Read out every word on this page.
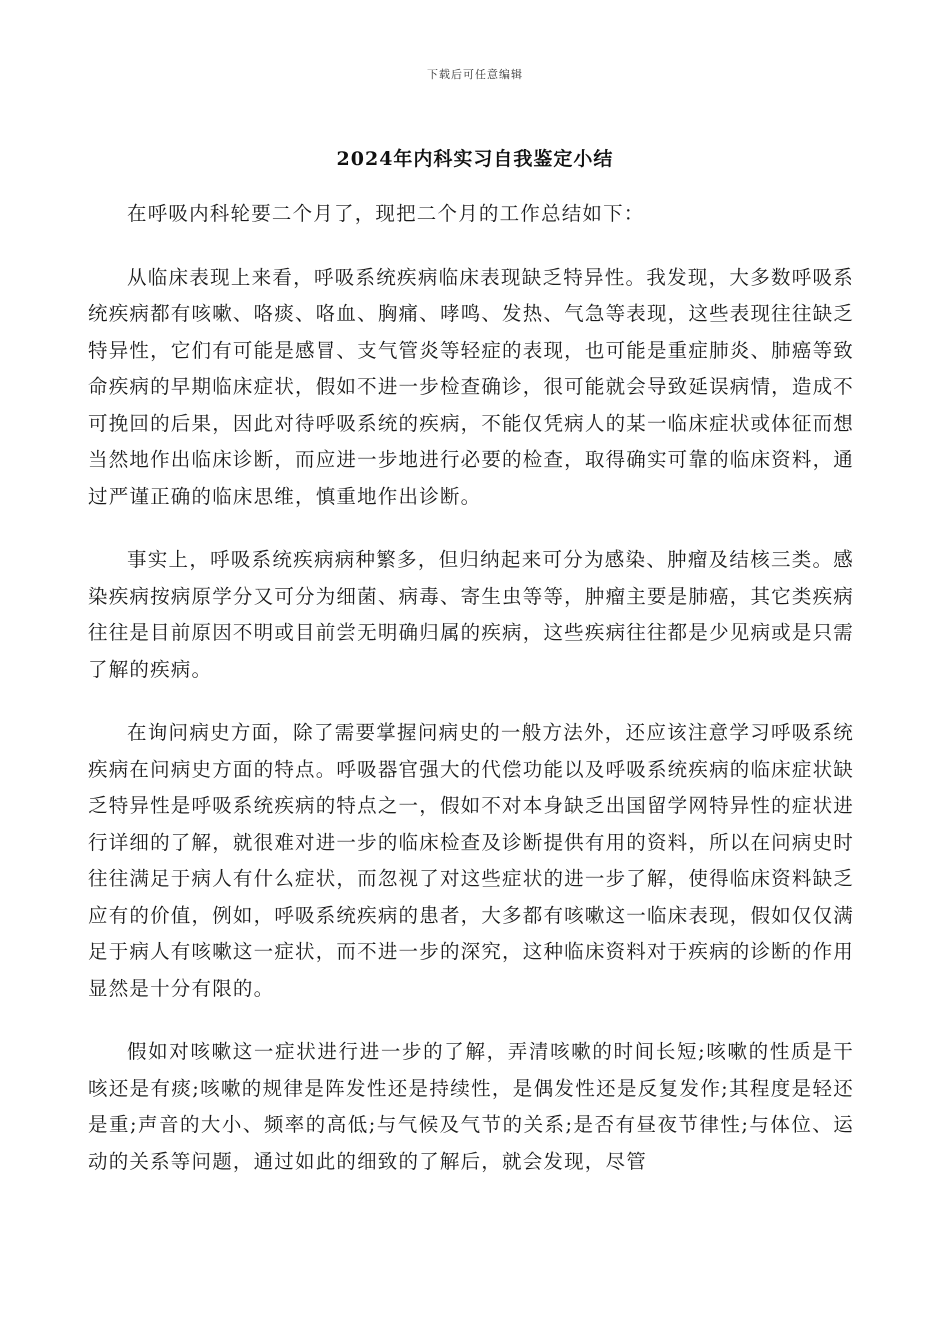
下载后可任意编辑
2024年内科实习自我鉴定小结

在呼吸内科轮要二个月了，现把二个月的工作总结如下：

从临床表现上来看，呼吸系统疾病临床表现缺乏特异性。我发现，大多数呼吸系统疾病都有咳嗽、咯痰、咯血、胸痛、哮鸣、发热、气急等表现，这些表现往往缺乏特异性，它们有可能是感冒、支气管炎等轻症的表现，也可能是重症肺炎、肺癌等致命疾病的早期临床症状，假如不进一步检查确诊，很可能就会导致延误病情，造成不可挽回的后果，因此对待呼吸系统的疾病，不能仅凭病人的某一临床症状或体征而想当然地作出临床诊断，而应进一步地进行必要的检查，取得确实可靠的临床资料，通过严谨正确的临床思维，慎重地作出诊断。

事实上，呼吸系统疾病病种繁多，但归纳起来可分为感染、肿瘤及结核三类。感染疾病按病原学分又可分为细菌、病毒、寄生虫等等，肿瘤主要是肺癌，其它类疾病往往是目前原因不明或目前尝无明确归属的疾病，这些疾病往往都是少见病或是只需了解的疾病。

在询问病史方面，除了需要掌握问病史的一般方法外，还应该注意学习呼吸系统疾病在问病史方面的特点。呼吸器官强大的代偿功能以及呼吸系统疾病的临床症状缺乏特异性是呼吸系统疾病的特点之一，假如不对本身缺乏出国留学网特异性的症状进行详细的了解，就很难对进一步的临床检查及诊断提供有用的资料，所以在问病史时往往满足于病人有什么症状，而忽视了对这些症状的进一步了解，使得临床资料缺乏应有的价值，例如，呼吸系统疾病的患者，大多都有咳嗽这一临床表现，假如仅仅满足于病人有咳嗽这一症状，而不进一步的深究，这种临床资料对于疾病的诊断的作用显然是十分有限的。

假如对咳嗽这一症状进行进一步的了解，弄清咳嗽的时间长短;咳嗽的性质是干咳还是有痰;咳嗽的规律是阵发性还是持续性，是偶发性还是反复发作;其程度是轻还是重;声音的大小、频率的高低;与气候及气节的关系;是否有昼夜节律性;与体位、运动的关系等问题，通过如此的细致的了解后，就会发现，尽管
